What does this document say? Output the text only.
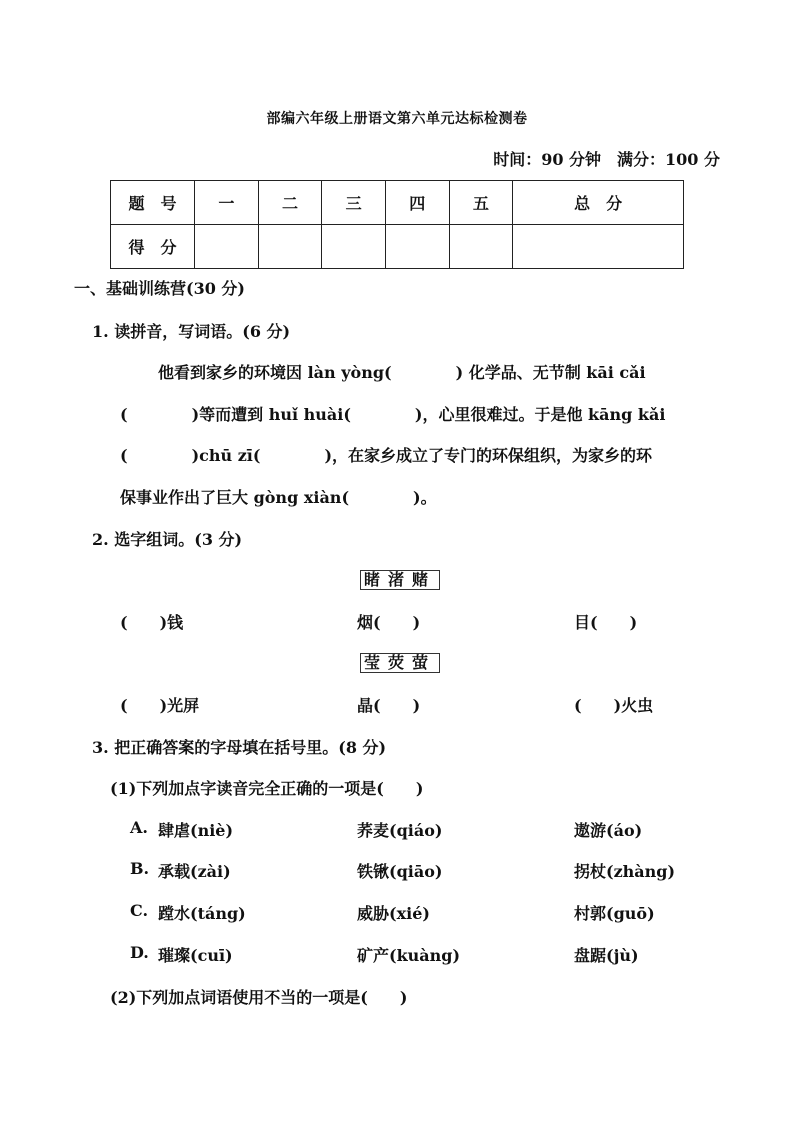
部编六年级上册语文第六单元达标检测卷
时间：90 分钟　满分：100 分
题　号	一	二	三	四	五	总　分
得　分						
一、基础训练营(30 分)
1. 读拼音，写词语。(6 分)
他看到家乡的环境因 làn yòng(　　　　) 化学品、无节制 kāi cǎi
(　　　　)等而遭到 huǐ huài(　　　　)，心里很难过。于是他 kāng kǎi
(　　　　)chū zī(　　　　)，在家乡成立了专门的环保组织，为家乡的环
保事业作出了巨大 gòng xiàn(　　　　)。
2. 选字组词。(3 分)
睹渚赌
(　　)钱	烟(　　)	目(　　)
莹荧萤
(　　)光屏	晶(　　)	(　　)火虫
3. 把正确答案的字母填在括号里。(8 分)
(1)下列加点字读音完全正确的一项是(　　)
A. 肆虐(niè)	荞麦(qiáo)	遨游(áo)
B. 承载(zài)	铁锹(qiāo)	拐杖(zhàng)
C. 蹚水(táng)	威胁(xié)	村郭(guō)
D. 璀璨(cuī)	矿产(kuàng)	盘踞(jù)
(2)下列加点词语使用不当的一项是(　　)
